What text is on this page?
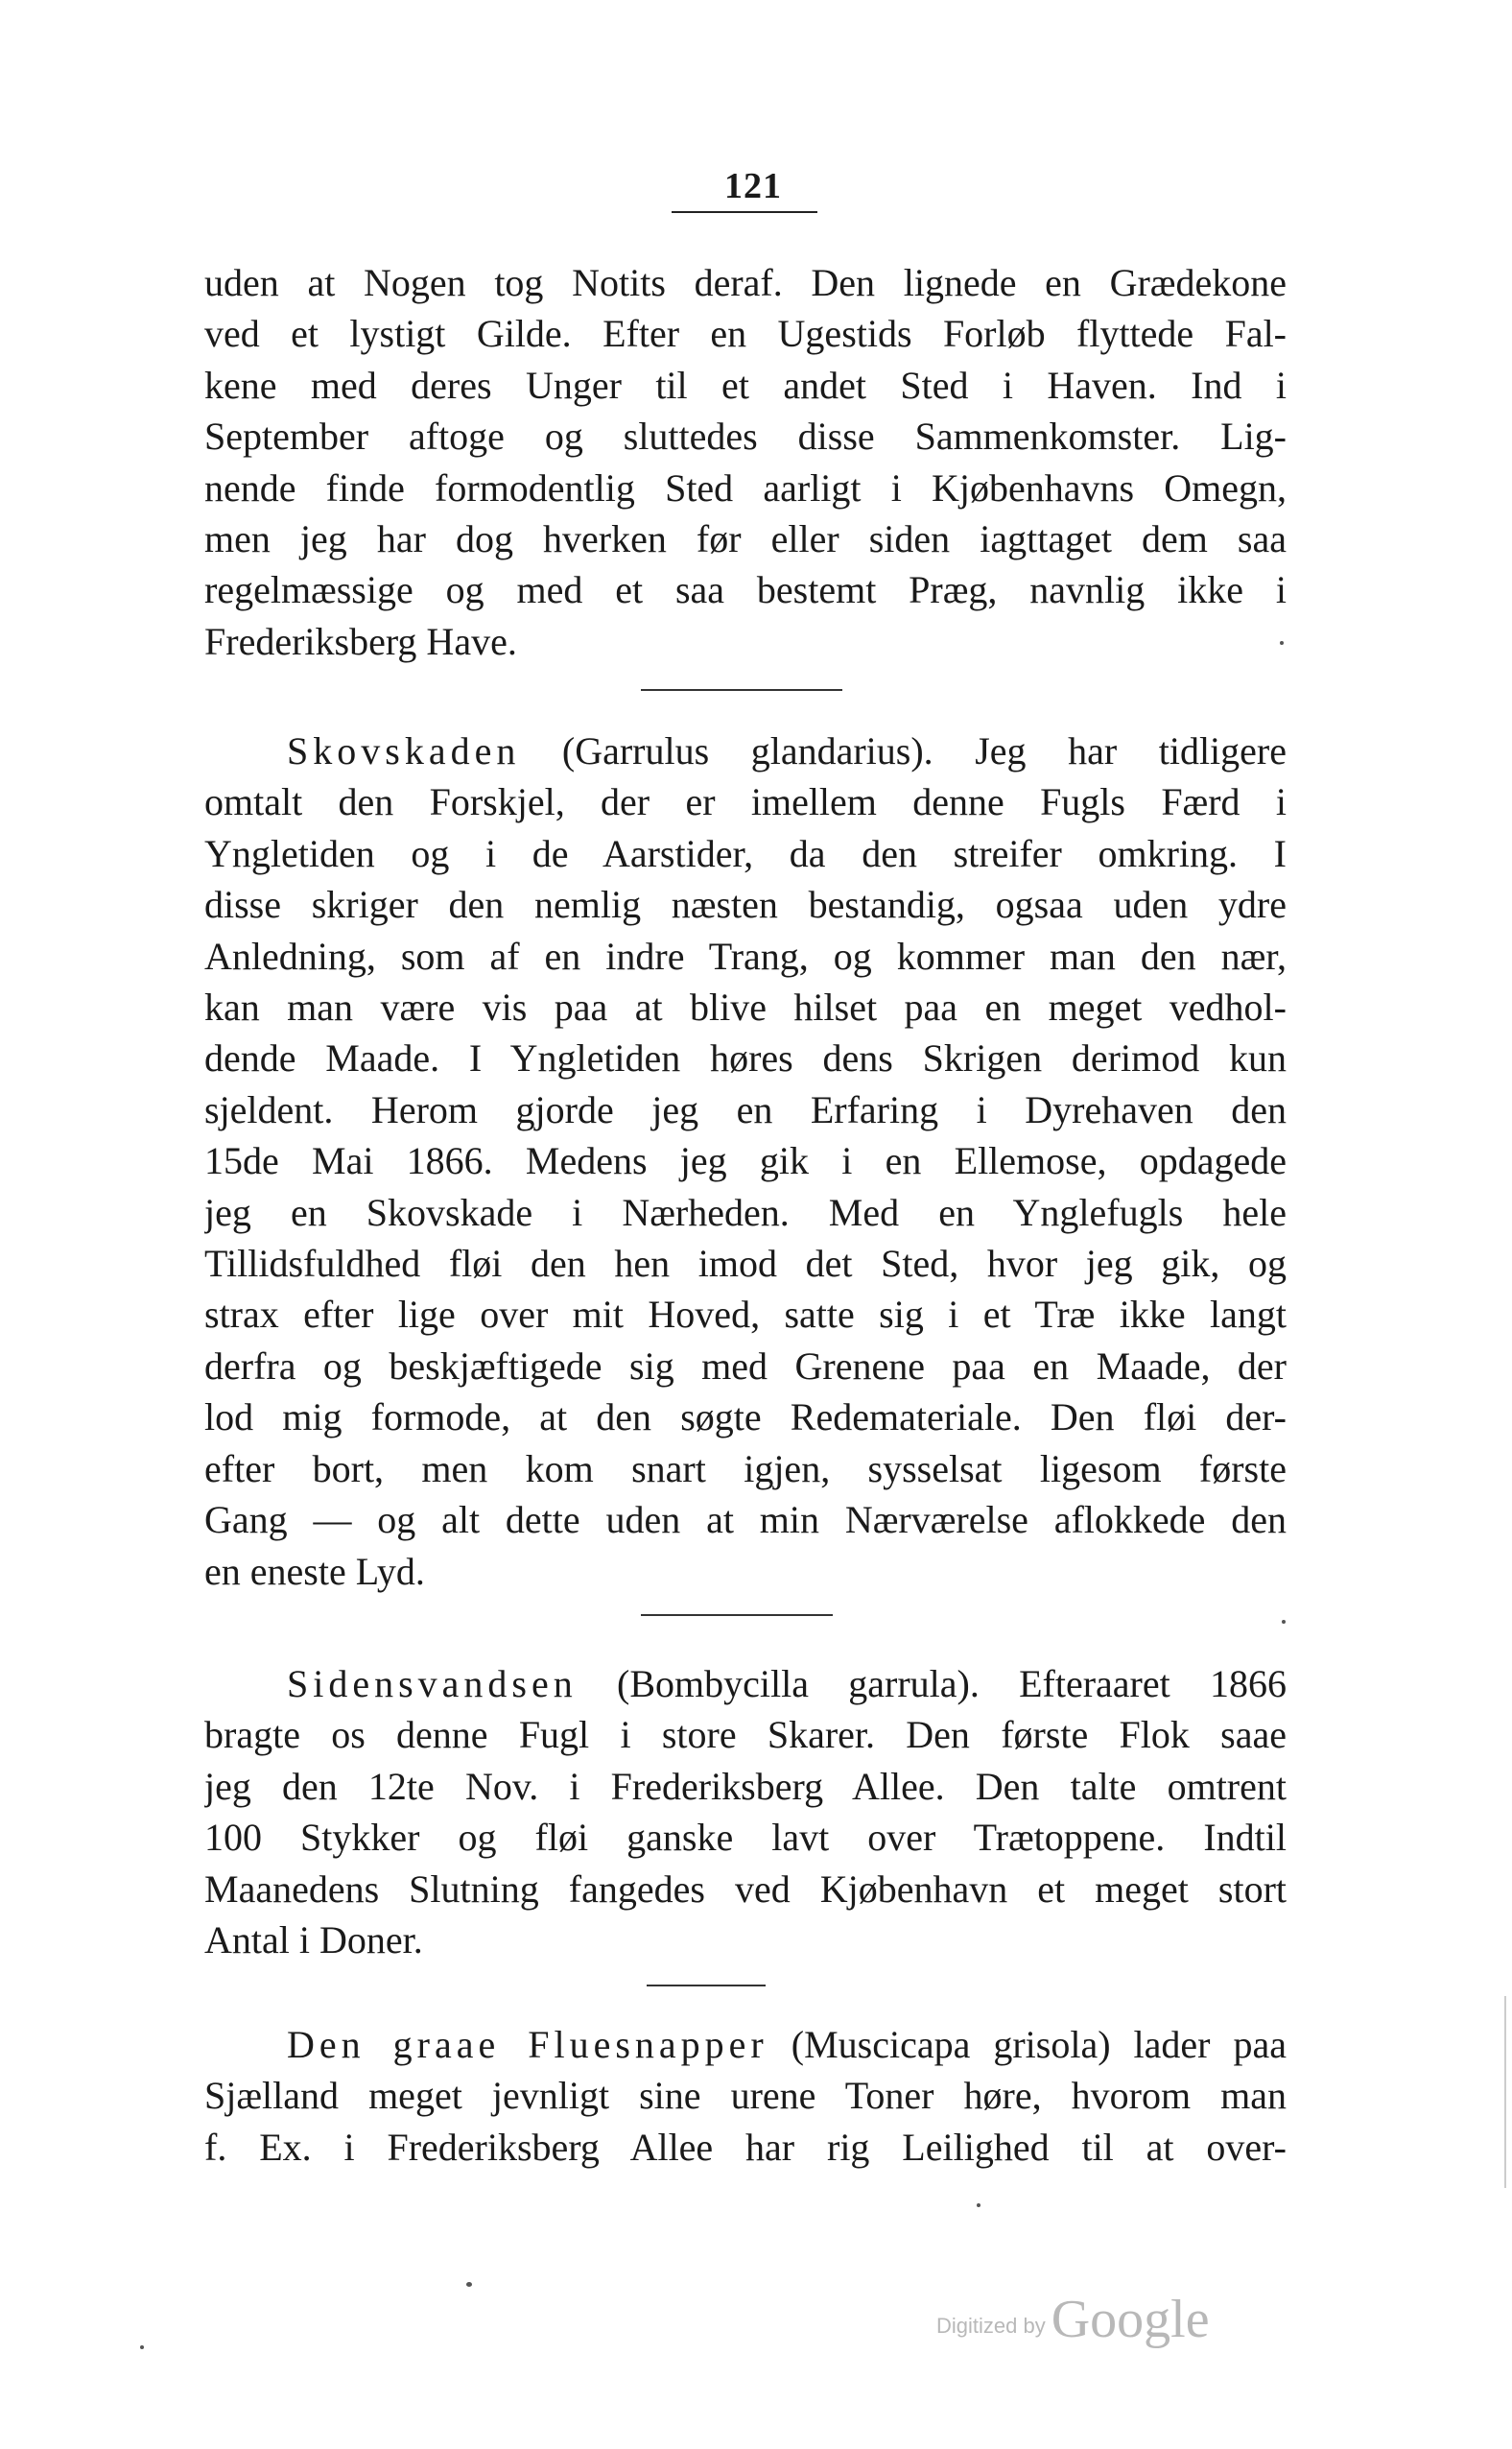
121
uden at Nogen tog Notits deraf. Den lignede en Grædekone
ved et lystigt Gilde. Efter en Ugestids Forløb flyttede Fal-
kene med deres Unger til et andet Sted i Haven. Ind i
September aftoge og sluttedes disse Sammenkomster. Lig-
nende finde formodentlig Sted aarligt i Kjøbenhavns Omegn,
men jeg har dog hverken før eller siden iagttaget dem saa
regelmæssige og med et saa bestemt Præg, navnlig ikke i
Frederiksberg Have.
Skovskaden (Garrulus glandarius). Jeg har tidligere
omtalt den Forskjel, der er imellem denne Fugls Færd i
Yngletiden og i de Aarstider, da den streifer omkring. I
disse skriger den nemlig næsten bestandig, ogsaa uden ydre
Anledning, som af en indre Trang, og kommer man den nær,
kan man være vis paa at blive hilset paa en meget vedhol-
dende Maade. I Yngletiden høres dens Skrigen derimod kun
sjeldent. Herom gjorde jeg en Erfaring i Dyrehaven den
15de Mai 1866. Medens jeg gik i en Ellemose, opdagede
jeg en Skovskade i Nærheden. Med en Ynglefugls hele
Tillidsfuldhed fløi den hen imod det Sted, hvor jeg gik, og
strax efter lige over mit Hoved, satte sig i et Træ ikke langt
derfra og beskjæftigede sig med Grenene paa en Maade, der
lod mig formode, at den søgte Redemateriale. Den fløi der-
efter bort, men kom snart igjen, sysselsat ligesom første
Gang — og alt dette uden at min Nærværelse aflokkede den
en eneste Lyd.
Sidensvandsen (Bombycilla garrula). Efteraaret 1866
bragte os denne Fugl i store Skarer. Den første Flok saae
jeg den 12te Nov. i Frederiksberg Allee. Den talte omtrent
100 Stykker og fløi ganske lavt over Trætoppene. Indtil
Maanedens Slutning fangedes ved Kjøbenhavn et meget stort
Antal i Doner.
Den graae Fluesnapper (Muscicapa grisola) lader paa
Sjælland meget jevnligt sine urene Toner høre, hvorom man
f. Ex. i Frederiksberg Allee har rig Leilighed til at over-
Digitized by Google
